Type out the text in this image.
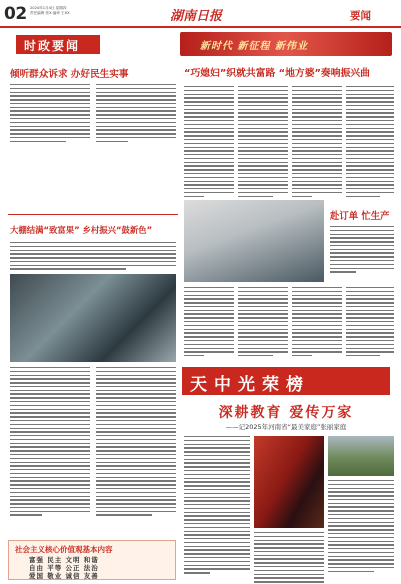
02 2024年1月4日 星期四
责任编辑 张X 编审 王XX	湖南日报	要闻
时政要闻
倾听群众诉求 办好民生实事
大棚结满“致富果” 乡村振兴“鼓新色”
社会主义核心价值观基本内容
富强 民主 文明 和谐
自由 平等 公正 法治
爱国 敬业 诚信 友善
新时代 新征程 新伟业
“巧媳妇”织就共富路 “地方婆”奏响振兴曲
赴订单 忙生产
天中光荣榜
深耕教育 爱传万家
——记2025年河南省“最美家庭”张丽家庭
